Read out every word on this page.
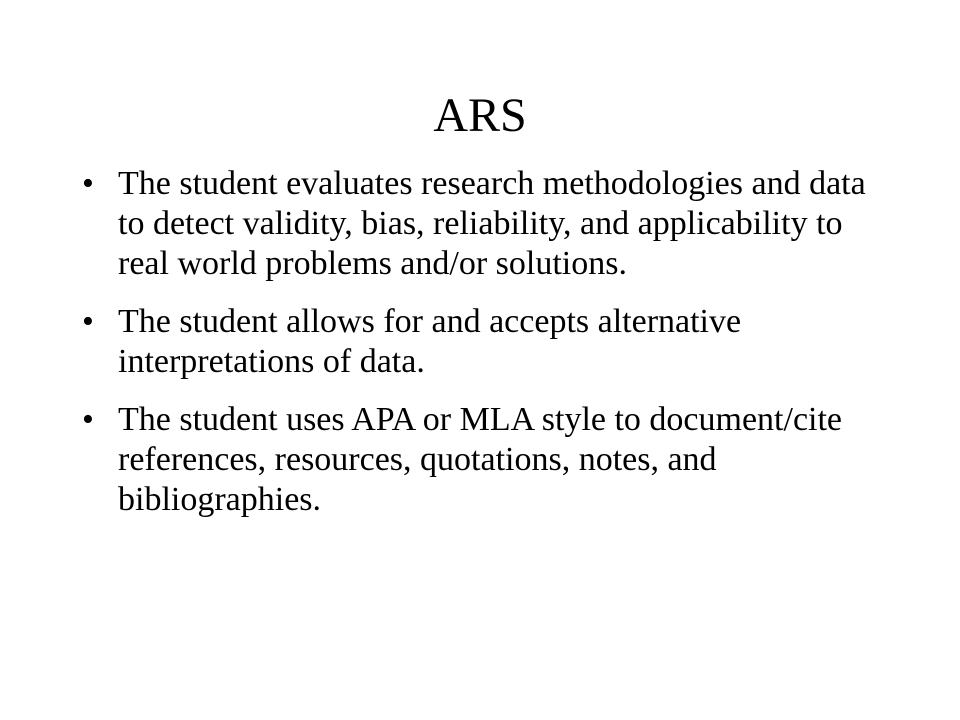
ARS
• The student evaluates research methodologies and data to detect validity, bias, reliability, and applicability to real world problems and/or solutions.
• The student allows for and accepts alternative interpretations of data.
• The student uses APA or MLA style to document/cite references, resources, quotations, notes, and bibliographies.
